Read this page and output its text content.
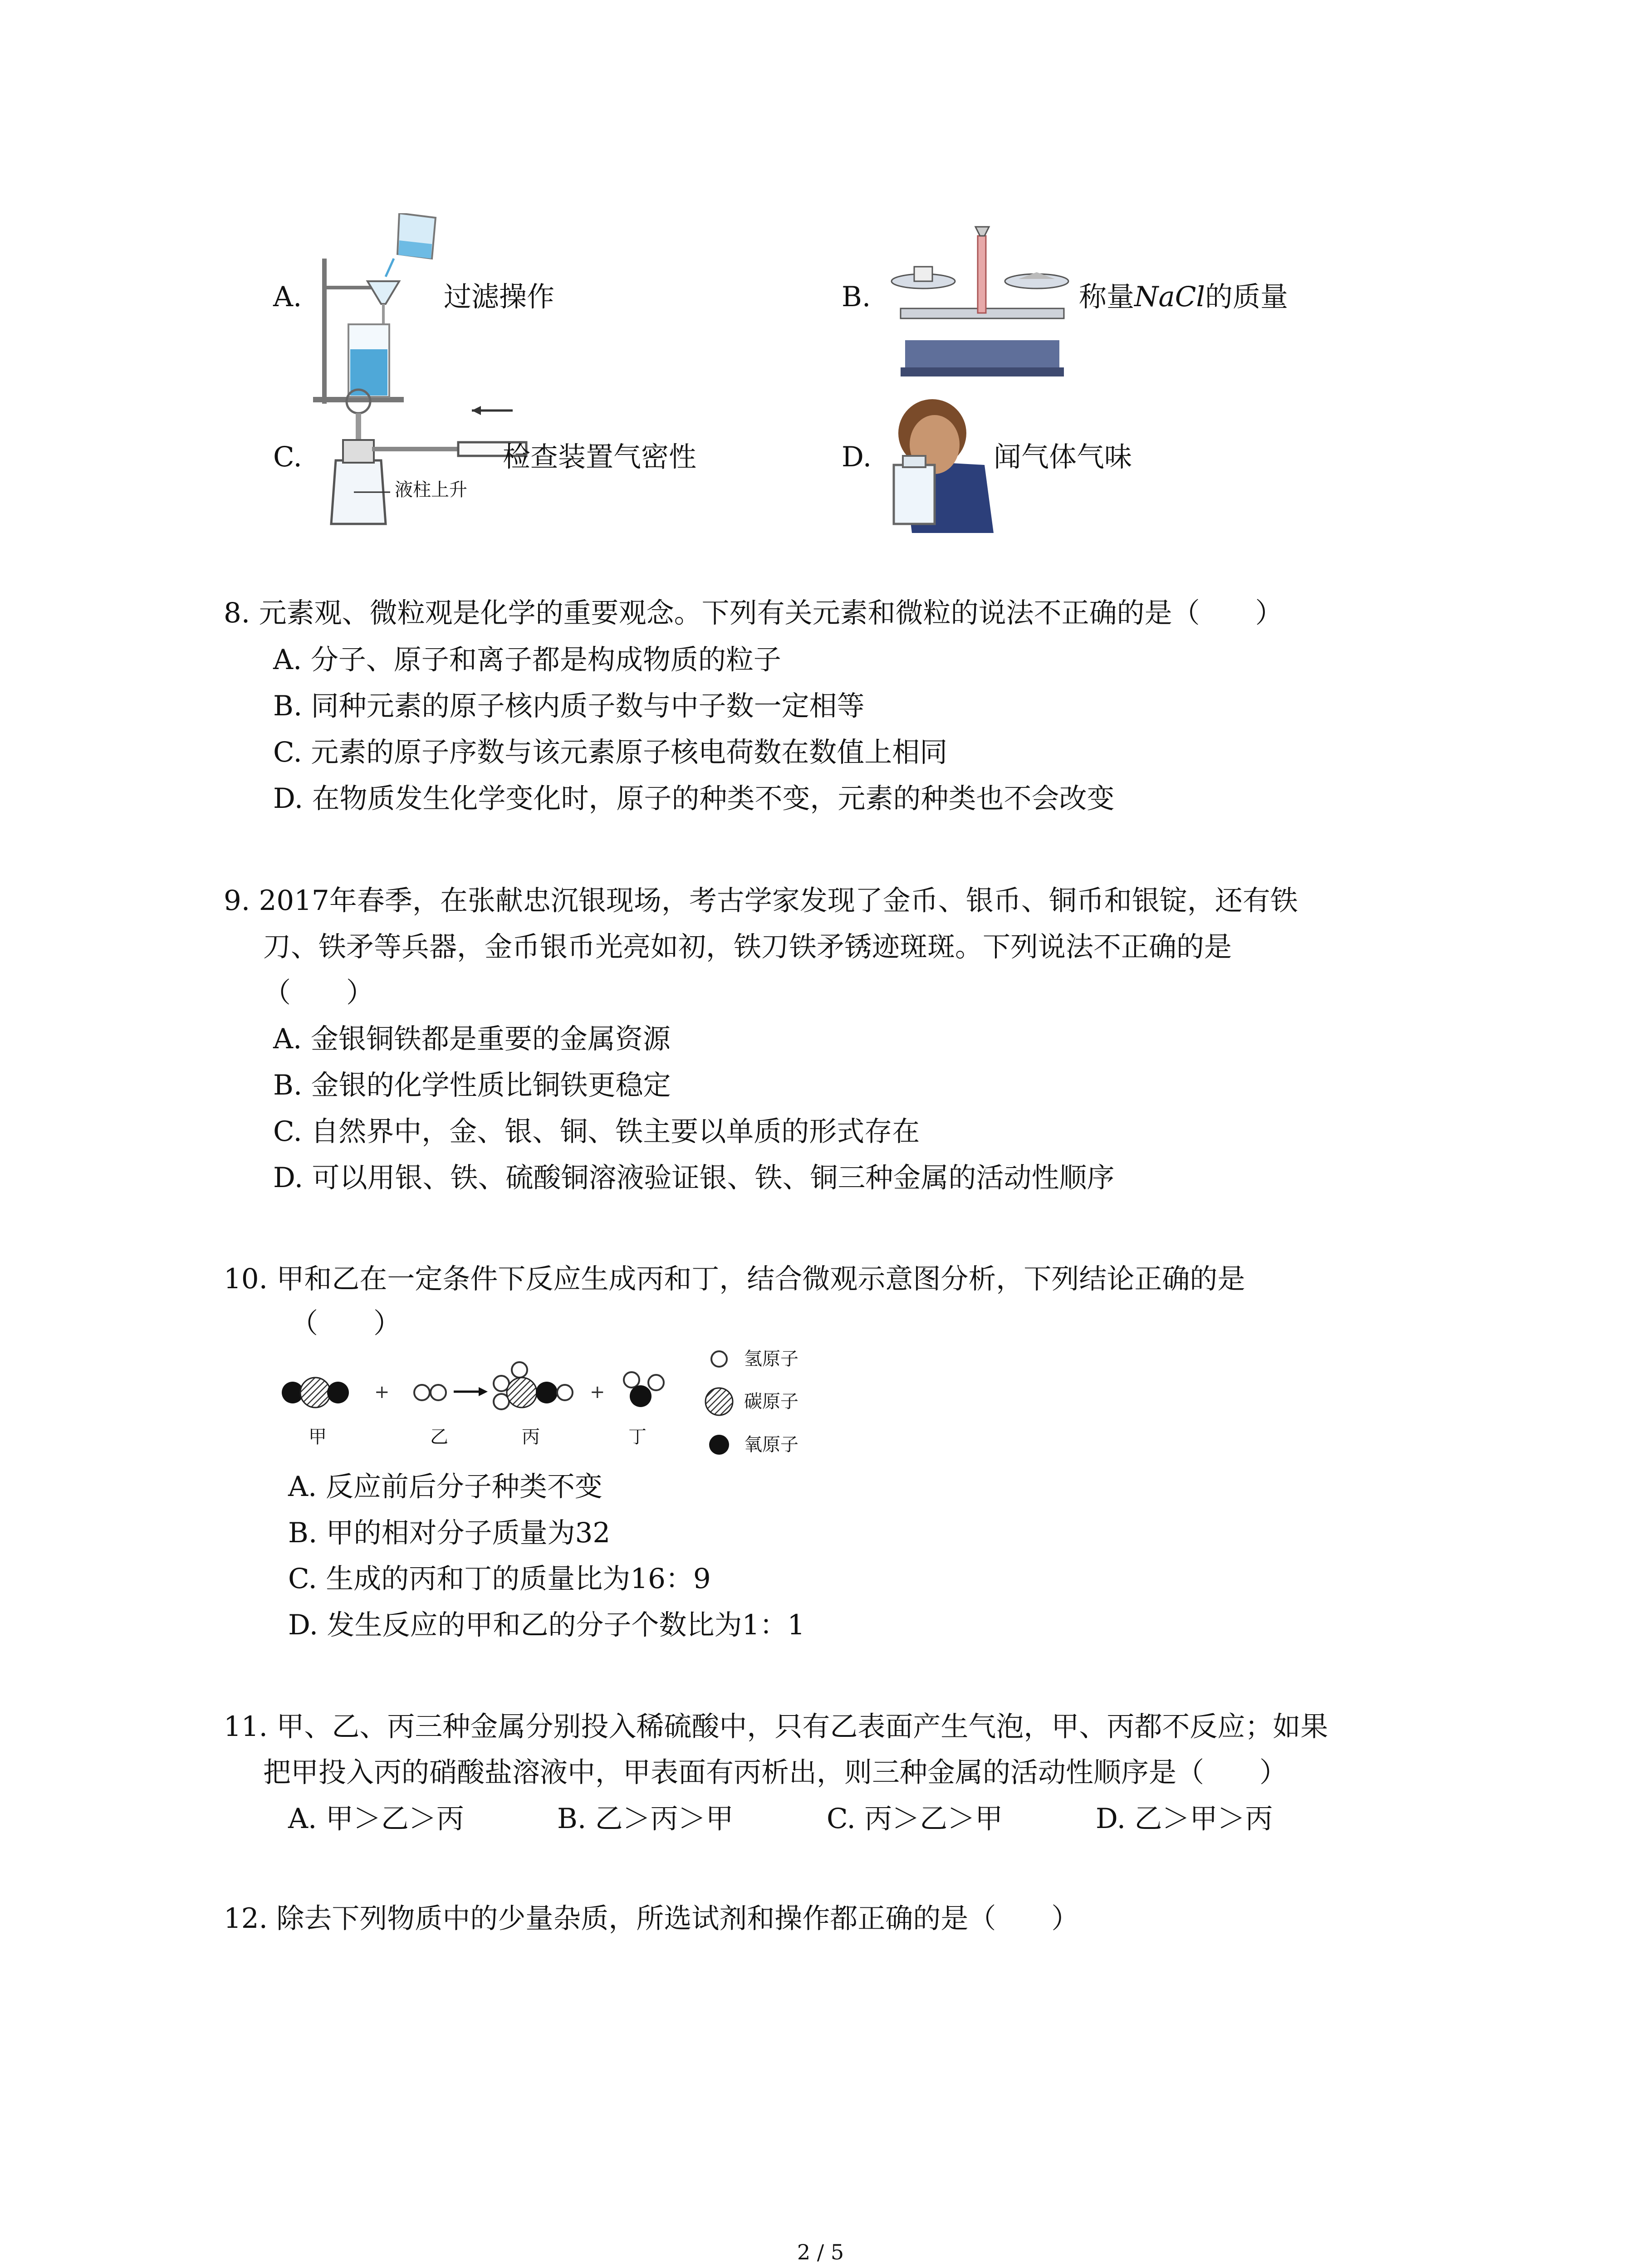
A.	过滤操作	B.	称量NaCl的质量
C.
液柱上升
检查装置气密性	D.	闻气体气味
8. 元素观、微粒观是化学的重要观念。下列有关元素和微粒的说法不正确的是（　　）
A. 分子、原子和离子都是构成物质的粒子
B. 同种元素的原子核内质子数与中子数一定相等
C. 元素的原子序数与该元素原子核电荷数在数值上相同
D. 在物质发生化学变化时，原子的种类不变，元素的种类也不会改变
9. 2017年春季，在张献忠沉银现场，考古学家发现了金币、银币、铜币和银锭，还有铁
刀、铁矛等兵器，金币银币光亮如初，铁刀铁矛锈迹斑斑。下列说法不正确的是
（　　）
A. 金银铜铁都是重要的金属资源
B. 金银的化学性质比铜铁更稳定
C. 自然界中，金、银、铜、铁主要以单质的形式存在
D. 可以用银、铁、硫酸铜溶液验证银、铁、铜三种金属的活动性顺序
10. 甲和乙在一定条件下反应生成丙和丁，结合微观示意图分析，下列结论正确的是
（　　）
+	+
甲	乙	丙	丁
氢原子
碳原子
氧原子
A. 反应前后分子种类不变
B. 甲的相对分子质量为32
C. 生成的丙和丁的质量比为16：9
D. 发生反应的甲和乙的分子个数比为1：1
11. 甲、乙、丙三种金属分别投入稀硫酸中，只有乙表面产生气泡，甲、丙都不反应；如果
把甲投入丙的硝酸盐溶液中，甲表面有丙析出，则三种金属的活动性顺序是（　　）
A. 甲＞乙＞丙	B. 乙＞丙＞甲	C. 丙＞乙＞甲	D. 乙＞甲＞丙
12. 除去下列物质中的少量杂质，所选试剂和操作都正确的是（　　）
2 / 5
